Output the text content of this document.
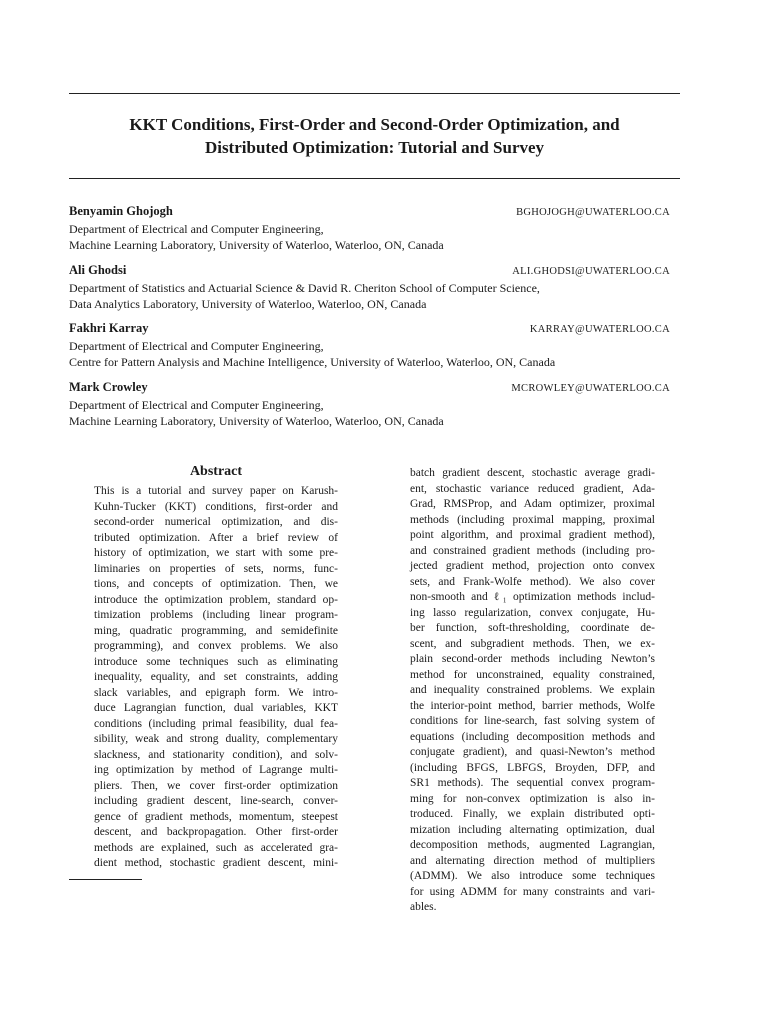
KKT Conditions, First-Order and Second-Order Optimization, and
Distributed Optimization: Tutorial and Survey
Benyamin Ghojogh	BGHOJOGH@UWATERLOO.CA
Department of Electrical and Computer Engineering,
Machine Learning Laboratory, University of Waterloo, Waterloo, ON, Canada
Ali Ghodsi	ALI.GHODSI@UWATERLOO.CA
Department of Statistics and Actuarial Science & David R. Cheriton School of Computer Science,
Data Analytics Laboratory, University of Waterloo, Waterloo, ON, Canada
Fakhri Karray	KARRAY@UWATERLOO.CA
Department of Electrical and Computer Engineering,
Centre for Pattern Analysis and Machine Intelligence, University of Waterloo, Waterloo, ON, Canada
Mark Crowley	MCROWLEY@UWATERLOO.CA
Department of Electrical and Computer Engineering,
Machine Learning Laboratory, University of Waterloo, Waterloo, ON, Canada
Abstract
This is a tutorial and survey paper on Karush-
Kuhn-Tucker (KKT) conditions, first-order and
second-order numerical optimization, and dis-
tributed optimization. After a brief review of
history of optimization, we start with some pre-
liminaries on properties of sets, norms, func-
tions, and concepts of optimization. Then, we
introduce the optimization problem, standard op-
timization problems (including linear program-
ming, quadratic programming, and semidefinite
programming), and convex problems. We also
introduce some techniques such as eliminating
inequality, equality, and set constraints, adding
slack variables, and epigraph form. We intro-
duce Lagrangian function, dual variables, KKT
conditions (including primal feasibility, dual fea-
sibility, weak and strong duality, complementary
slackness, and stationarity condition), and solv-
ing optimization by method of Lagrange multi-
pliers. Then, we cover first-order optimization
including gradient descent, line-search, conver-
gence of gradient methods, momentum, steepest
descent, and backpropagation. Other first-order
methods are explained, such as accelerated gra-
dient method, stochastic gradient descent, mini-
batch gradient descent, stochastic average gradi-
ent, stochastic variance reduced gradient, Ada-
Grad, RMSProp, and Adam optimizer, proximal
methods (including proximal mapping, proximal
point algorithm, and proximal gradient method),
and constrained gradient methods (including pro-
jected gradient method, projection onto convex
sets, and Frank-Wolfe method). We also cover
non-smooth and ℓ₁ optimization methods includ-
ing lasso regularization, convex conjugate, Hu-
ber function, soft-thresholding, coordinate de-
scent, and subgradient methods. Then, we ex-
plain second-order methods including Newton’s
method for unconstrained, equality constrained,
and inequality constrained problems. We explain
the interior-point method, barrier methods, Wolfe
conditions for line-search, fast solving system of
equations (including decomposition methods and
conjugate gradient), and quasi-Newton’s method
(including BFGS, LBFGS, Broyden, DFP, and
SR1 methods). The sequential convex program-
ming for non-convex optimization is also in-
troduced. Finally, we explain distributed opti-
mization including alternating optimization, dual
decomposition methods, augmented Lagrangian,
and alternating direction method of multipliers
(ADMM). We also introduce some techniques
for using ADMM for many constraints and vari-
ables.
